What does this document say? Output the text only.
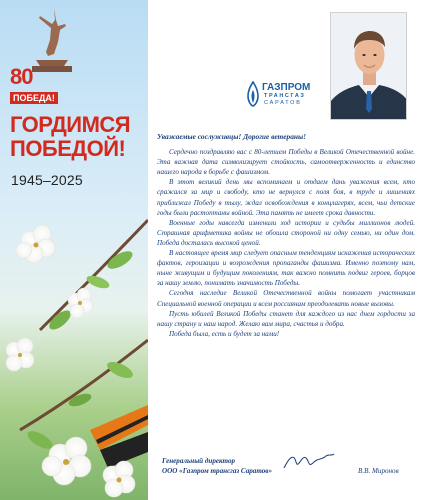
80
ПОБЕДА!
ГОРДИМСЯ
ПОБЕДОЙ!
1945–2025
ГАЗПРОМ
ТРАНСГАЗ
САРАТОВ
Уважаемые сослуживцы! Дорогие ветераны!

Сердечно поздравляю вас с 80-летием Победы в Великой Отечественной войне. Эта важная дата символизирует стойкость, самоотверженность и единство нашего народа в борьбе с фашизмом.

В этот великий день мы вспоминаем и отдаем дань уважения всем, кто сражался за мир и свободу, кто не вернулся с поля боя, в труде и лишениях приближал Победу в тылу, ждал освобождения в концлагерях, всем, чьи детские годы были растоптаны войной. Эта память не имеет срока давности.

Военные годы навсегда изменили ход истории и судьбы миллионов людей. Страшная арифметика войны не обошла стороной ни одну семью, ни один дом. Победа досталась высокой ценой.

В настоящее время мир следует опасным тенденциям искажения исторических фактов, героизации и возрождения пропаганды фашизма. Именно поэтому нам, ныне живущим и будущим поколениям, так важно помнить подвиг героев, борцов за нашу землю, понимать значимость Победы.

Сегодня наследие Великой Отечественной войны помогает участникам Специальной военной операции и всем россиянам преодолевать новые вызовы.

Пусть юбилей Великой Победы станет для каждого из нас днем гордости за нашу страну и наш народ. Желаю вам мира, счастья и добра.

Победа была, есть и будет за нами!

Генеральный директор
ООО «Газпром трансгаз Саратов»	В.В. Миронов
